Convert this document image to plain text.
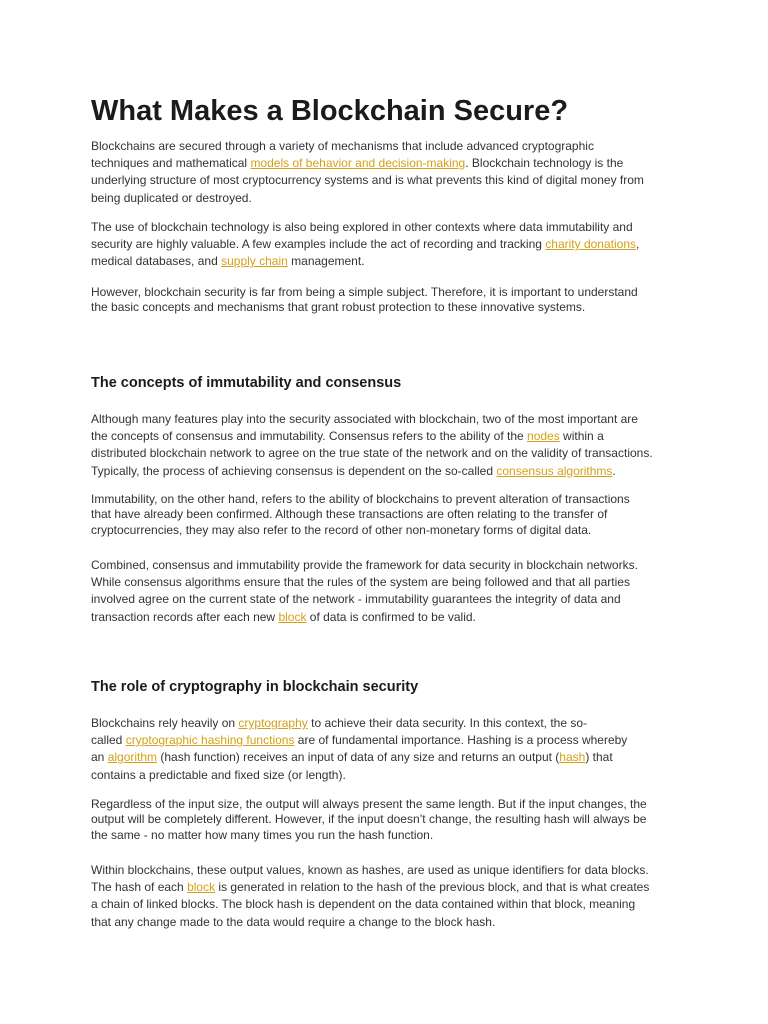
What Makes a Blockchain Secure?

Blockchains are secured through a variety of mechanisms that include advanced cryptographic
techniques and mathematical models of behavior and decision-making. Blockchain technology is the
underlying structure of most cryptocurrency systems and is what prevents this kind of digital money from
being duplicated or destroyed.

The use of blockchain technology is also being explored in other contexts where data immutability and
security are highly valuable. A few examples include the act of recording and tracking charity donations,
medical databases, and supply chain management.

However, blockchain security is far from being a simple subject. Therefore, it is important to understand
the basic concepts and mechanisms that grant robust protection to these innovative systems.

The concepts of immutability and consensus

Although many features play into the security associated with blockchain, two of the most important are
the concepts of consensus and immutability. Consensus refers to the ability of the nodes within a
distributed blockchain network to agree on the true state of the network and on the validity of transactions.
Typically, the process of achieving consensus is dependent on the so-called consensus algorithms.

Immutability, on the other hand, refers to the ability of blockchains to prevent alteration of transactions
that have already been confirmed. Although these transactions are often relating to the transfer of
cryptocurrencies, they may also refer to the record of other non-monetary forms of digital data.

Combined, consensus and immutability provide the framework for data security in blockchain networks.
While consensus algorithms ensure that the rules of the system are being followed and that all parties
involved agree on the current state of the network - immutability guarantees the integrity of data and
transaction records after each new block of data is confirmed to be valid.

The role of cryptography in blockchain security

Blockchains rely heavily on cryptography to achieve their data security. In this context, the so-
called cryptographic hashing functions are of fundamental importance. Hashing is a process whereby
an algorithm (hash function) receives an input of data of any size and returns an output (hash) that
contains a predictable and fixed size (or length).

Regardless of the input size, the output will always present the same length. But if the input changes, the
output will be completely different. However, if the input doesn’t change, the resulting hash will always be
the same - no matter how many times you run the hash function.

Within blockchains, these output values, known as hashes, are used as unique identifiers for data blocks.
The hash of each block is generated in relation to the hash of the previous block, and that is what creates
a chain of linked blocks. The block hash is dependent on the data contained within that block, meaning
that any change made to the data would require a change to the block hash.
